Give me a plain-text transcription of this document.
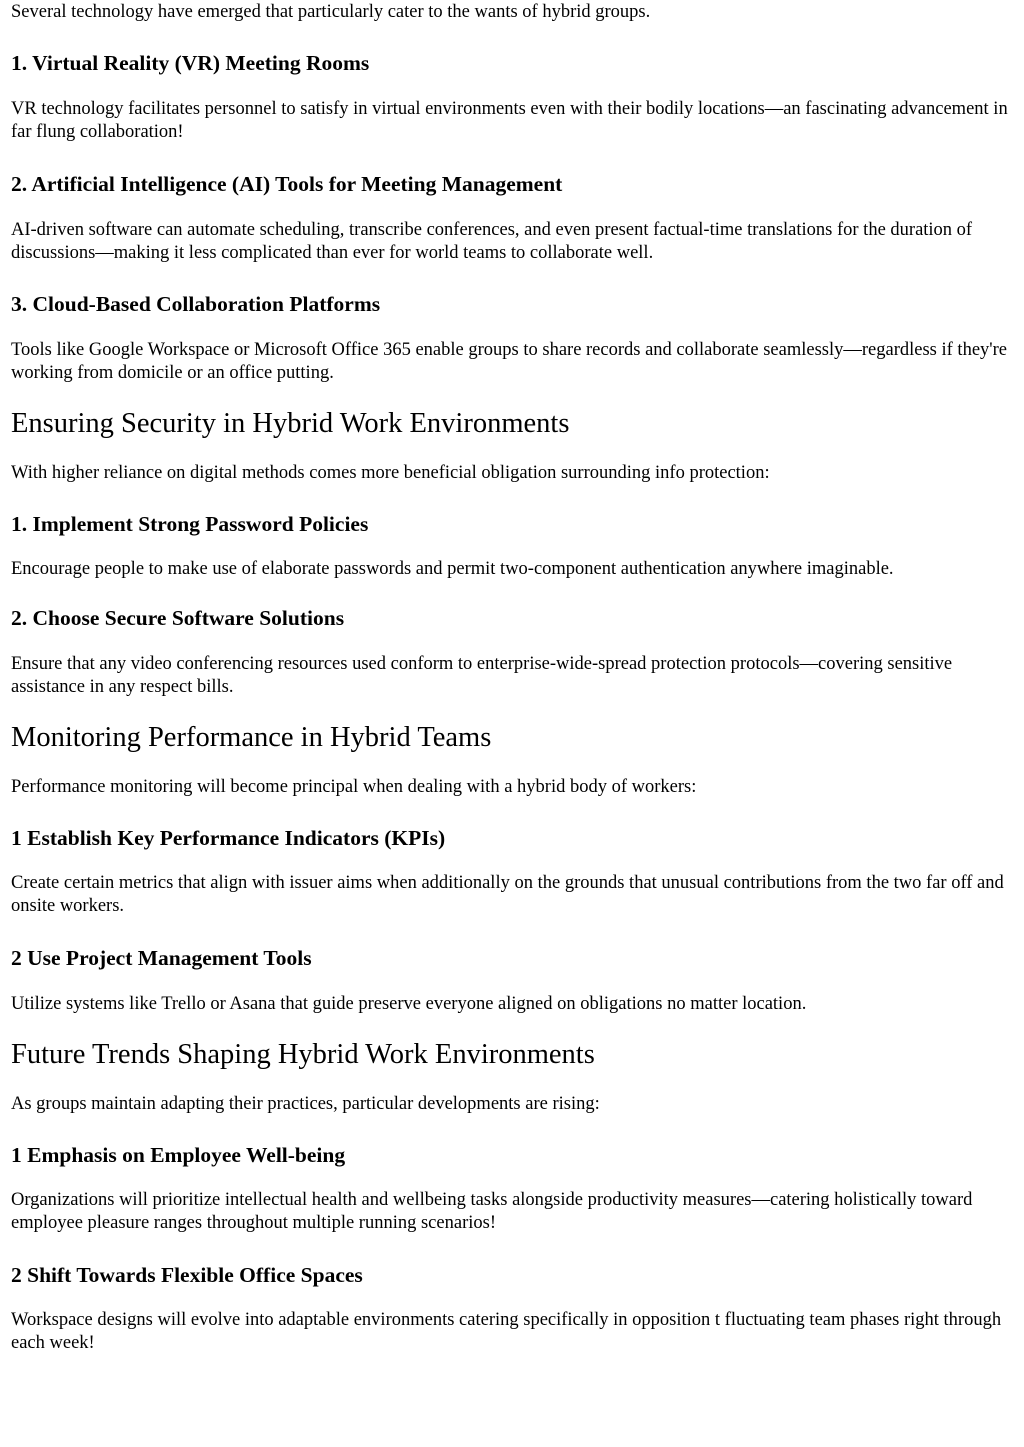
Several technology have emerged that particularly cater to the wants of hybrid groups.

1. Virtual Reality (VR) Meeting Rooms

VR technology facilitates personnel to satisfy in virtual environments even with their bodily locations—an fascinating advancement in far flung collaboration!

2. Artificial Intelligence (AI) Tools for Meeting Management

AI-driven software can automate scheduling, transcribe conferences, and even present factual-time translations for the duration of discussions—making it less complicated than ever for world teams to collaborate well.

3. Cloud-Based Collaboration Platforms

Tools like Google Workspace or Microsoft Office 365 enable groups to share records and collaborate seamlessly—regardless if they're working from domicile or an office putting.

Ensuring Security in Hybrid Work Environments

With higher reliance on digital methods comes more beneficial obligation surrounding info protection:

1. Implement Strong Password Policies

Encourage people to make use of elaborate passwords and permit two-component authentication anywhere imaginable.

2. Choose Secure Software Solutions

Ensure that any video conferencing resources used conform to enterprise-wide-spread protection protocols—covering sensitive assistance in any respect bills.

Monitoring Performance in Hybrid Teams

Performance monitoring will become principal when dealing with a hybrid body of workers:

1 Establish Key Performance Indicators (KPIs)

Create certain metrics that align with issuer aims when additionally on the grounds that unusual contributions from the two far off and onsite workers.

2 Use Project Management Tools

Utilize systems like Trello or Asana that guide preserve everyone aligned on obligations no matter location.

Future Trends Shaping Hybrid Work Environments

As groups maintain adapting their practices, particular developments are rising:

1 Emphasis on Employee Well-being

Organizations will prioritize intellectual health and wellbeing tasks alongside productivity measures—catering holistically toward employee pleasure ranges throughout multiple running scenarios!

2 Shift Towards Flexible Office Spaces

Workspace designs will evolve into adaptable environments catering specifically in opposition t fluctuating team phases right through each week!
